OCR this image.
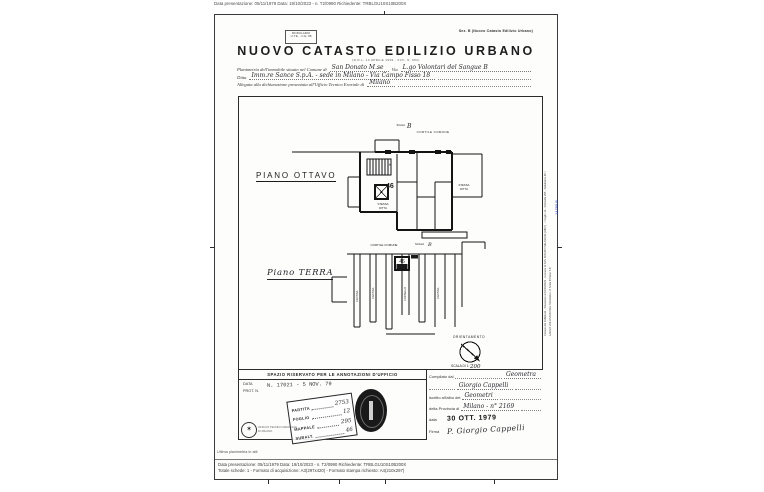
Data presentazione: 05/11/1979 Data: 19/10/2023 - n. T2/0990 Richiedente: TRBLGU10S10B200X
MODULARIO
U.T.E. - C.E. 98
Sez. B (Nuovo Catasto Edilizio Urbano)
NUOVO CATASTO EDILIZIO URBANO
(R.D.L. 13 APRILE 1939 - XVII, N. 652)
Planimetria dell'immobile situato nel Comune di San Donato M.se	Via L.go Volontari del Sangue B
Ditta Imm.re Sance S.p.A. - sede in Milano - Via Campo Fisso 18
Allegata alla dichiarazione presentata all'Ufficio Tecnico Erariale di Milano
PIANO OTTAVO
Piano TERRA
SCALA B
CORTILE COMUNE
46
K
STESSA
DITTA
STESSA
DITTA
CORTILE COMUNE	SCALA B
46
CANTINA	CANTINA	CORSELLO	CANTINA
ORIENTAMENTO
SCALA DI 1: 200
SPAZIO RISERVATO PER LE ANNOTAZIONI D'UFFICIO
DATA
PROT. N.
N. 17021 - 5 NOV. 79
PARTITA
2753
FOGLIO
12
MAPPALE
295
SUBALT.
46
✶	UFFICIO TECNICO ERARIALE
DI MILANO
Compilato dal	Geometra
Giorgio Cappelli
iscritto all'albo dei Geometri
della Provincia di Milano - n° 2169
data 30 OTT. 1979
Firma P. Giorgio Cappelli
Ultima planimetria in atti
Data presentazione: 05/11/1979 Data: 19/10/2023 - n. T2/0990 Richiedente: TRBLGU10S10B200X
Totale schede: 1 - Formato di acquisizione: A3(297x420) - Formato stampa richiesto: A4(210x297)
Catasto dei Fabbricati - Situazione al 19/10/2023 - Comune di SAN DONATO MILANESE (H827) - < Foglio 12 - Particella 295 - Subalterno 46 > LARGO VOLONTARI DEL SANGUE n. 8 Scala B Piano T-8
14789 B
